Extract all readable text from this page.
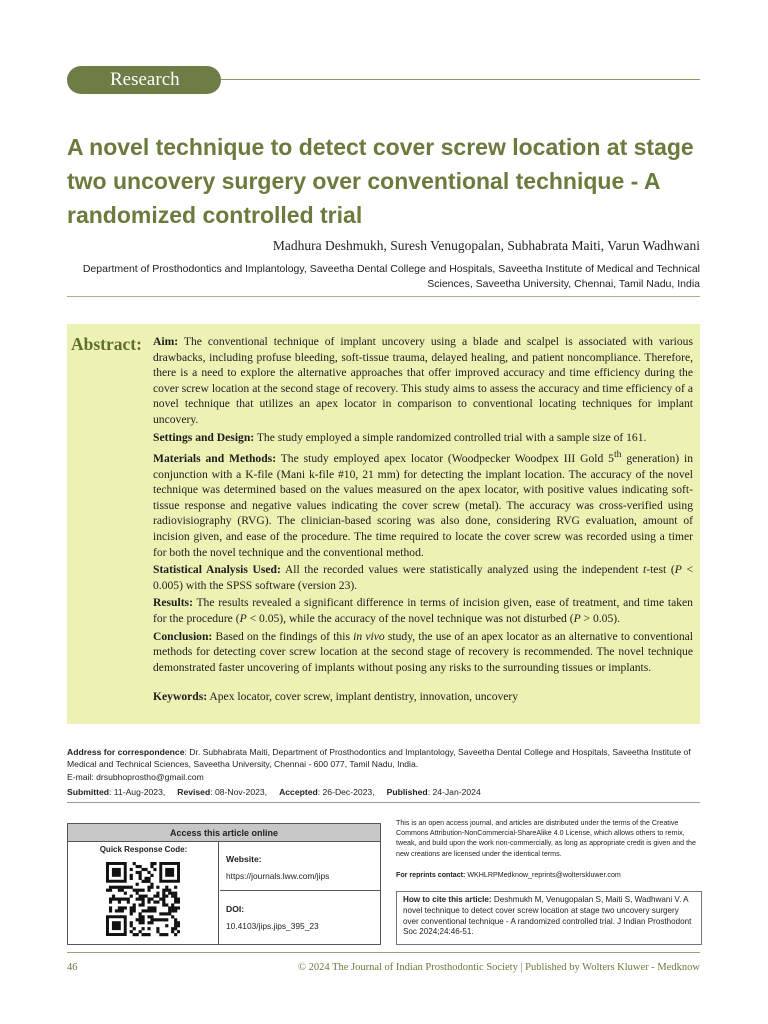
Research
A novel technique to detect cover screw location at stage two uncovery surgery over conventional technique - A randomized controlled trial
Madhura Deshmukh, Suresh Venugopalan, Subhabrata Maiti, Varun Wadhwani
Department of Prosthodontics and Implantology, Saveetha Dental College and Hospitals, Saveetha Institute of Medical and Technical Sciences, Saveetha University, Chennai, Tamil Nadu, India
Abstract: Aim: The conventional technique of implant uncovery using a blade and scalpel is associated with various drawbacks, including profuse bleeding, soft-tissue trauma, delayed healing, and patient noncompliance. Therefore, there is a need to explore the alternative approaches that offer improved accuracy and time efficiency during the cover screw location at the second stage of recovery. This study aims to assess the accuracy and time efficiency of a novel technique that utilizes an apex locator in comparison to conventional locating techniques for implant uncovery.

Settings and Design: The study employed a simple randomized controlled trial with a sample size of 161.

Materials and Methods: The study employed apex locator (Woodpecker Woodpex III Gold 5th generation) in conjunction with a K-file (Mani k-file #10, 21 mm) for detecting the implant location. The accuracy of the novel technique was determined based on the values measured on the apex locator, with positive values indicating soft-tissue response and negative values indicating the cover screw (metal). The accuracy was cross-verified using radiovisiography (RVG). The clinician-based scoring was also done, considering RVG evaluation, amount of incision given, and ease of the procedure. The time required to locate the cover screw was recorded using a timer for both the novel technique and the conventional method.

Statistical Analysis Used: All the recorded values were statistically analyzed using the independent t-test (P < 0.005) with the SPSS software (version 23).

Results: The results revealed a significant difference in terms of incision given, ease of treatment, and time taken for the procedure (P < 0.05), while the accuracy of the novel technique was not disturbed (P > 0.05).

Conclusion: Based on the findings of this in vivo study, the use of an apex locator as an alternative to conventional methods for detecting cover screw location at the second stage of recovery is recommended. The novel technique demonstrated faster uncovering of implants without posing any risks to the surrounding tissues or implants.

Keywords: Apex locator, cover screw, implant dentistry, innovation, uncovery

Address for correspondence: Dr. Subhabrata Maiti, Department of Prosthodontics and Implantology, Saveetha Dental College and Hospitals, Saveetha Institute of Medical and Technical Sciences, Saveetha University, Chennai - 600 077, Tamil Nadu, India.
E-mail: drsubhoprostho@gmail.com
Submitted: 11-Aug-2023, Revised: 08-Nov-2023, Accepted: 26-Dec-2023, Published: 24-Jan-2024
Access this article online
Quick Response Code:
Website:
https://journals.lww.com/jips
DOI:
10.4103/jips.jips_395_23
This is an open access journal, and articles are distributed under the terms of the Creative Commons Attribution-NonCommercial-ShareAlike 4.0 License, which allows others to remix, tweak, and build upon the work non-commercially, as long as appropriate credit is given and the new creations are licensed under the identical terms.
For reprints contact: WKHLRPMedknow_reprints@wolterskluwer.com
How to cite this article: Deshmukh M, Venugopalan S, Maiti S, Wadhwani V. A novel technique to detect cover screw location at stage two uncovery surgery over conventional technique - A randomized controlled trial. J Indian Prosthodont Soc 2024;24:46-51.
46	© 2024 The Journal of Indian Prosthodontic Society | Published by Wolters Kluwer - Medknow
